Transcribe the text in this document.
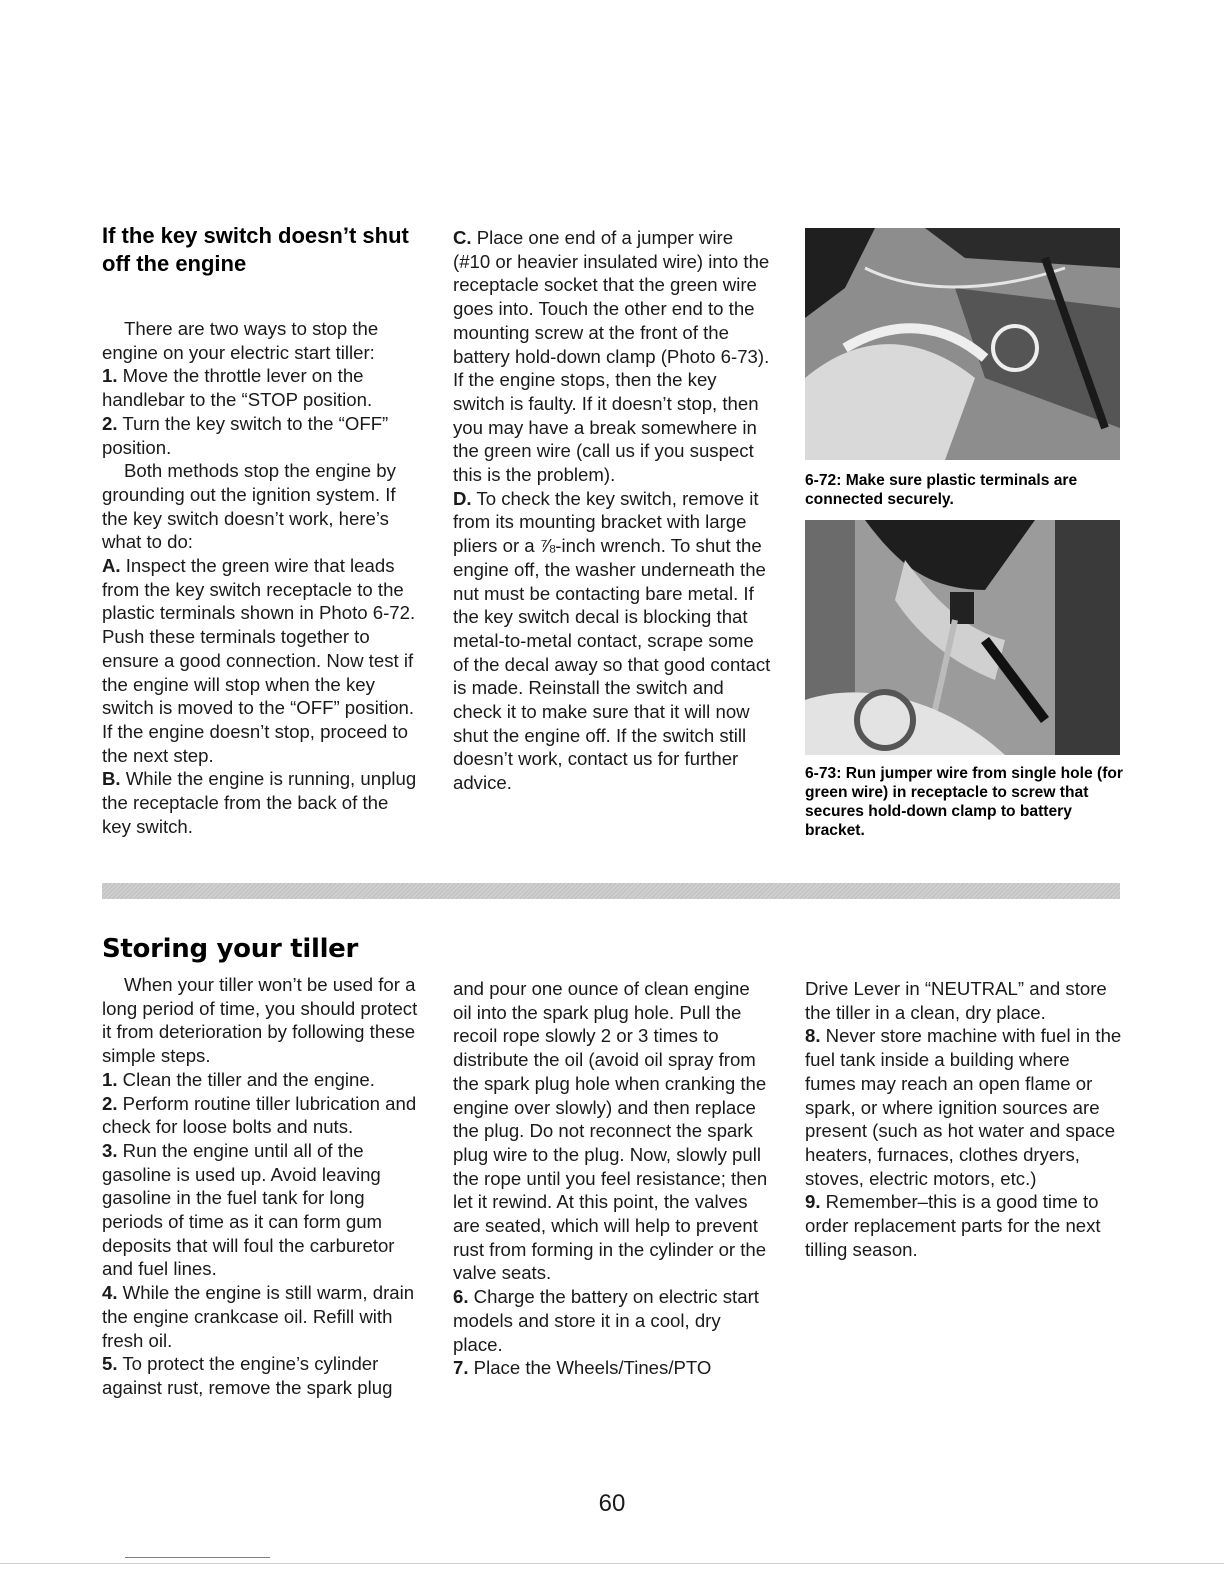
If the key switch doesn’t shut off the engine

There are two ways to stop the engine on your electric start tiller:

1. Move the throttle lever on the handlebar to the “STOP position.

2. Turn the key switch to the “OFF” position.

Both methods stop the engine by grounding out the ignition system. If the key switch doesn’t work, here’s what to do:

A. Inspect the green wire that leads from the key switch receptacle to the plastic terminals shown in Photo 6-72. Push these terminals together to ensure a good connection. Now test if the engine will stop when the key switch is moved to the “OFF” position. If the engine doesn’t stop, proceed to the next step.

B. While the engine is running, unplug the receptacle from the back of the key switch.

C. Place one end of a jumper wire (#10 or heavier insulated wire) into the receptacle socket that the green wire goes into. Touch the other end to the mounting screw at the front of the battery hold-down clamp (Photo 6-73). If the engine stops, then the key switch is faulty. If it doesn’t stop, then you may have a break somewhere in the green wire (call us if you suspect this is the problem).

D. To check the key switch, remove it from its mounting bracket with large pliers or a ⅞-inch wrench. To shut the engine off, the washer underneath the nut must be contacting bare metal. If the key switch decal is blocking that metal-to-metal contact, scrape some of the decal away so that good contact is made. Reinstall the switch and check it to make sure that it will now shut the engine off. If the switch still doesn’t work, contact us for further advice.

6-72: Make sure plastic terminals are connected securely.

6-73: Run jumper wire from single hole (for green wire) in receptacle to screw that secures hold-down clamp to battery bracket.

Storing your tiller

When your tiller won’t be used for a long period of time, you should protect it from deterioration by following these simple steps.

1. Clean the tiller and the engine.

2. Perform routine tiller lubrication and check for loose bolts and nuts.

3. Run the engine until all of the gasoline is used up. Avoid leaving gasoline in the fuel tank for long periods of time as it can form gum deposits that will foul the carburetor and fuel lines.

4. While the engine is still warm, drain the engine crankcase oil. Refill with fresh oil.

5. To protect the engine’s cylinder against rust, remove the spark plug

and pour one ounce of clean engine oil into the spark plug hole. Pull the recoil rope slowly 2 or 3 times to distribute the oil (avoid oil spray from the spark plug hole when cranking the engine over slowly) and then replace the plug. Do not reconnect the spark plug wire to the plug. Now, slowly pull the rope until you feel resistance; then let it rewind. At this point, the valves are seated, which will help to prevent rust from forming in the cylinder or the valve seats.

6. Charge the battery on electric start models and store it in a cool, dry place.

7. Place the Wheels/Tines/PTO

Drive Lever in “NEUTRAL” and store the tiller in a clean, dry place.

8. Never store machine with fuel in the fuel tank inside a building where fumes may reach an open flame or spark, or where ignition sources are present (such as hot water and space heaters, furnaces, clothes dryers, stoves, electric motors, etc.)

9. Remember–this is a good time to order replacement parts for the next tilling season.

60
